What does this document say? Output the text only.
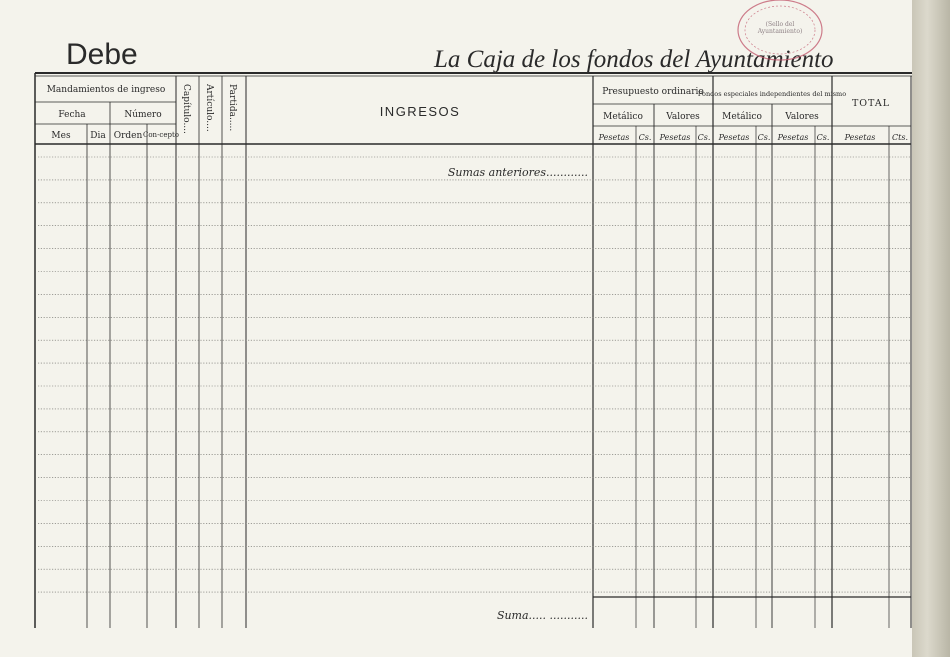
Debe	La Caja de los fondos del Ayuntamiento
(Sello del
Ayuntamiento)
Mandamientos de ingreso
Fecha	Número
Mes Dia Orden Con-cepto
Capítulo.... Artículo.... Partida.....	INGRESOS
Presupuesto ordinario
Fondos especiales independientes del mismo
Metálico	Valores Metálico	Valores
TOTAL
Pesetas Cs. Pesetas Cs. Pesetas Cs. Pesetas Cs. Pesetas Cts.
Sumas anteriores............
Suma..... ...........
